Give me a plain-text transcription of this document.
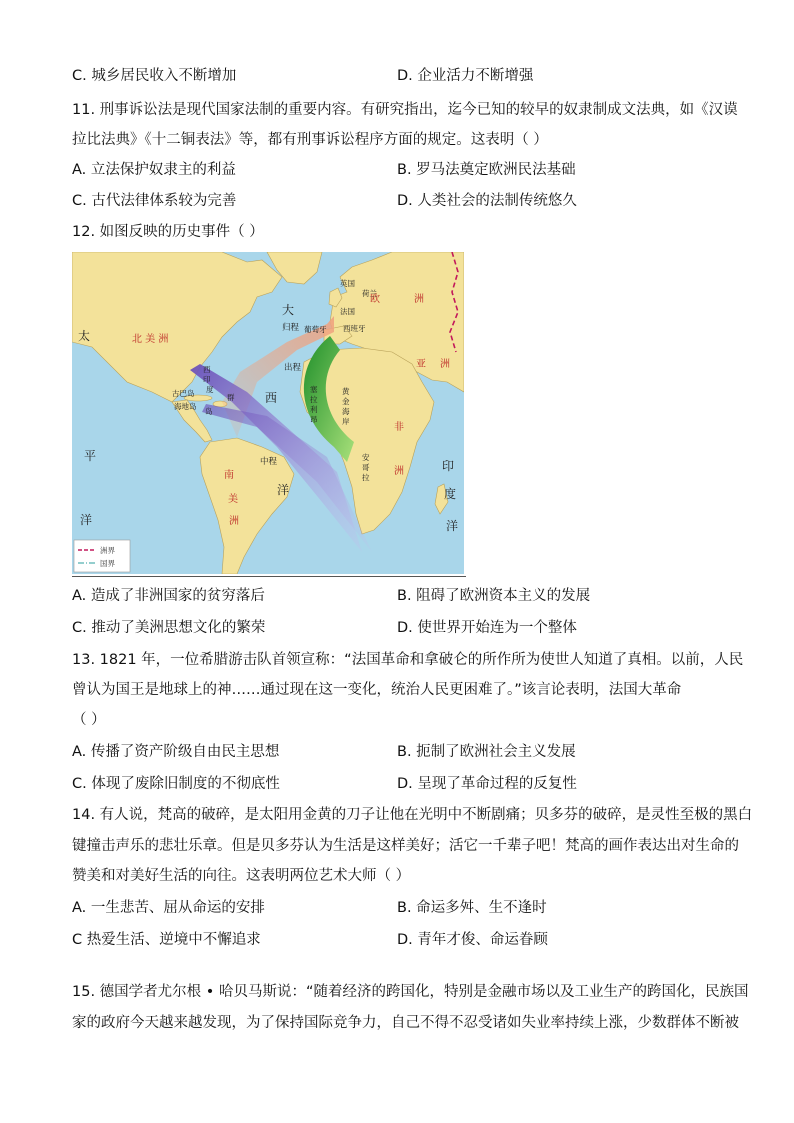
C. 城乡居民收入不断增加	D. 企业活力不断增强
11. 刑事诉讼法是现代国家法制的重要内容。有研究指出，迄今已知的较早的奴隶制成文法典，如《汉谟
拉比法典》《十二铜表法》等，都有刑事诉讼程序方面的规定。这表明（ ）
A. 立法保护奴隶主的利益	B. 罗马法奠定欧洲民法基础
C. 古代法律体系较为完善	D. 人类社会的法制传统悠久
12. 如图反映的历史事件（ ）
太
平
洋
大
西
洋
印
度
洋
北 美 洲
南
美
洲
欧	洲
亚 洲
非
洲
西
印
度
群
岛
古巴岛
海地岛
英国
荷兰
法国
葡萄牙 西班牙
塞
拉
利
昂
黄
金
海
岸
安
哥
拉
归程
出程
中程
洲界
国界
A. 造成了非洲国家的贫穷落后	B. 阻碍了欧洲资本主义的发展
C. 推动了美洲思想文化的繁荣	D. 使世界开始连为一个整体
13. 1821 年，一位希腊游击队首领宣称：“法国革命和拿破仑的所作所为使世人知道了真相。以前，人民
曾认为国王是地球上的神……通过现在这一变化，统治人民更困难了。”该言论表明，法国大革命
（ ）
A. 传播了资产阶级自由民主思想	B. 扼制了欧洲社会主义发展
C. 体现了废除旧制度的不彻底性	D. 呈现了革命过程的反复性
14. 有人说，梵高的破碎，是太阳用金黄的刀子让他在光明中不断剧痛；贝多芬的破碎，是灵性至极的黑白
键撞击声乐的悲壮乐章。但是贝多芬认为生活是这样美好；活它一千辈子吧！梵高的画作表达出对生命的
赞美和对美好生活的向往。这表明两位艺术大师（ ）
A. 一生悲苦、屈从命运的安排	B. 命运多舛、生不逢时
C 热爱生活、逆境中不懈追求	D. 青年才俊、命运眷顾
15. 德国学者尤尔根 • 哈贝马斯说：“随着经济的跨国化，特别是金融市场以及工业生产的跨国化，民族国
家的政府今天越来越发现，为了保持国际竞争力，自己不得不忍受诸如失业率持续上涨，少数群体不断被
